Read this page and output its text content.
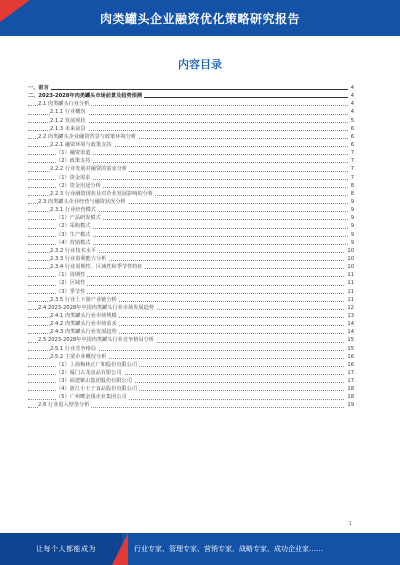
肉类罐头企业融资优化策略研究报告
内容目录
一、前言	4
二、2023-2028年肉类罐头市场前景及趋势预测	4
2.1 肉类罐头行业分析	4
2.1.1 行业概况	4
2.1.2 发展现状	5
2.1.3 未来前景	6
2.2 肉类罐头企业融资背景与政策环境分析	6
2.2.1 融资环境与政策支持	6
（1）融资渠道	7
（2）政策支持	7
2.2.2 行业发展对融资的需求分析	7
（1）资金需求	7
（2）资金用途分析	8
2.2.3 行业融资现状及对企业发展影响的分析	8
2.3 肉类罐头企业经营与融资状况分析	9
2.3.1 行业经营模式	9
（1）产品研发模式	9
（2）采购模式	9
（3）生产模式	9
（4）营销模式	9
2.3.2 行业技术水平	10
2.3.3 行业盈利能力分析	10
2.3.4 行业周期性、区域性和季节性特征	10
（1）周期性	11
（2）区域性	11
（3）季节性	11
2.3.5 行业上下游产业链分析	11
2.4 2023-2028年中国肉类罐头行业市场发展趋势	12
2.4.1 肉类罐头行业市场规模	13
2.4.2 肉类罐头行业市场需求	14
2.4.3 肉类罐头行业发展趋势	14
2.5 2023-2028年中国肉类罐头行业竞争格局分析	15
2.5.1 行业竞争格局	15
2.5.2 主要企业概况分析	16
（1）上海梅林正广和股份有限公司	16
（2）厦门古龙食品有限公司	17
（3）福建紫山集团股份有限公司	17
（4）浙江小王子食品股份有限公司	18
（5）广州鹰金钱企业集团公司	18
2.6 行业进入壁垒分析	19
1
让每个人都能成为	行业专家、管理专家、营销专家、战略专家、成功企业家……
